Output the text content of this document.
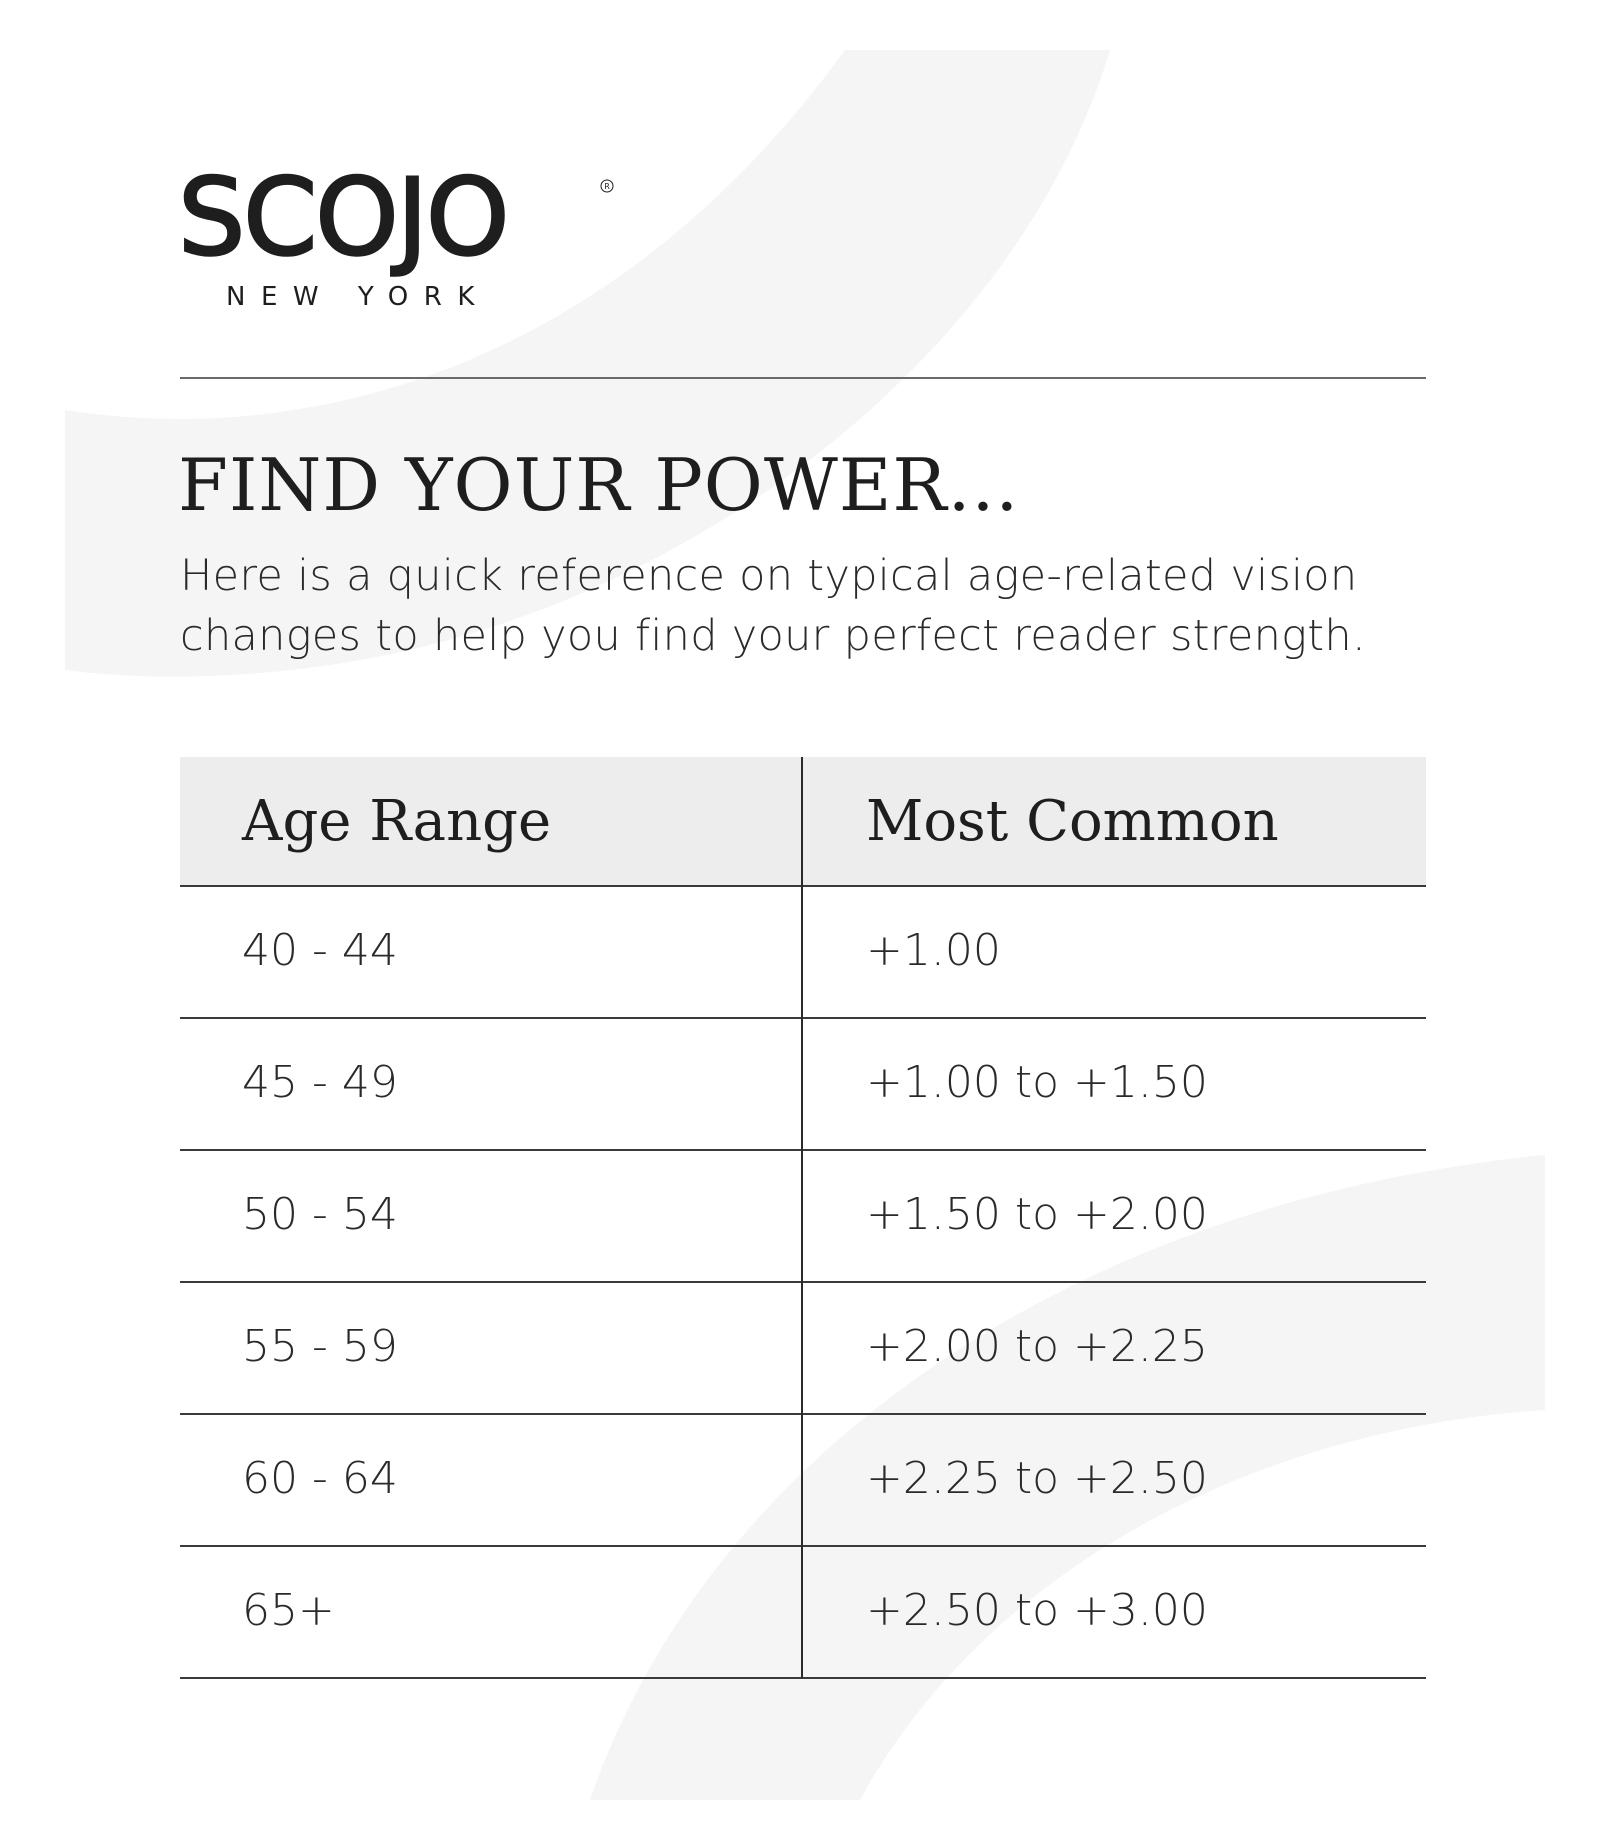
SCOJO	R
NEW YORK
FIND YOUR POWER...
Here is a quick reference on typical age-related vision changes to help you find your perfect reader strength.
Age Range	Most Common
40 - 44	+1.00
45 - 49	+1.00 to +1.50
50 - 54	+1.50 to +2.00
55 - 59	+2.00 to +2.25
60 - 64	+2.25 to +2.50
65+	+2.50 to +3.00
